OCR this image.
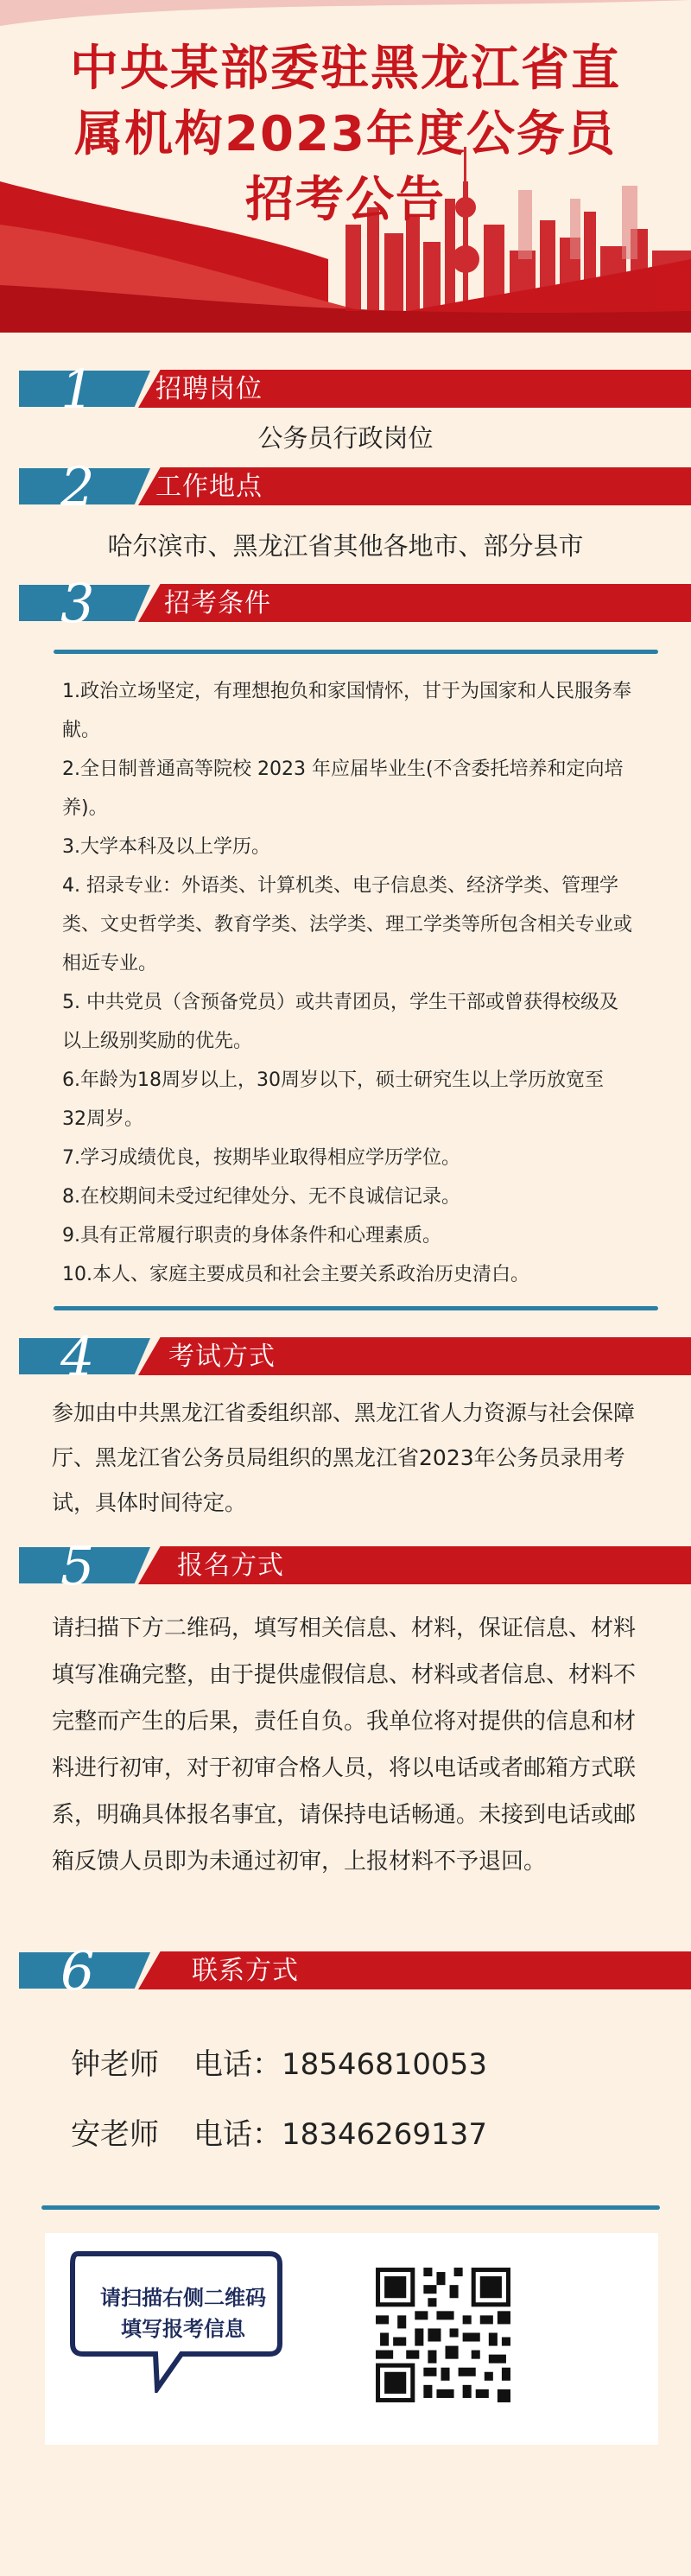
中央某部委驻黑龙江省直
属机构2023年度公务员
招考公告
1 招聘岗位
公务员行政岗位
2 工作地点
哈尔滨市、黑龙江省其他各地市、部分县市
3	招考条件

1.政治立场坚定，有理想抱负和家国情怀，甘于为国家和人民服务奉献。

2.全日制普通高等院校 2023 年应届毕业生(不含委托培养和定向培养)。

3.大学本科及以上学历。

4. 招录专业：外语类、计算机类、电子信息类、经济学类、管理学类、文史哲学类、教育学类、法学类、理工学类等所包含相关专业或相近专业。

5. 中共党员（含预备党员）或共青团员，学生干部或曾获得校级及以上级别奖励的优先。

6.年龄为18周岁以上，30周岁以下，硕士研究生以上学历放宽至 32周岁。

7.学习成绩优良，按期毕业取得相应学历学位。

8.在校期间未受过纪律处分、无不良诚信记录。

9.具有正常履行职责的身体条件和心理素质。

10.本人、家庭主要成员和社会主要关系政治历史清白。

4	考试方式
参加由中共黑龙江省委组织部、黑龙江省人力资源与社会保障厅、黑龙江省公务员局组织的黑龙江省2023年公务员录用考试，具体时间待定。
5	报名方式
请扫描下方二维码，填写相关信息、材料，保证信息、材料填写准确完整，由于提供虚假信息、材料或者信息、材料不完整而产生的后果，责任自负。我单位将对提供的信息和材料进行初审，对于初审合格人员，将以电话或者邮箱方式联系，明确具体报名事宜，请保持电话畅通。未接到电话或邮箱反馈人员即为未通过初审，上报材料不予退回。
6	联系方式
钟老师 电话：18546810053
安老师 电话：18346269137
请扫描右侧二维码
填写报考信息
